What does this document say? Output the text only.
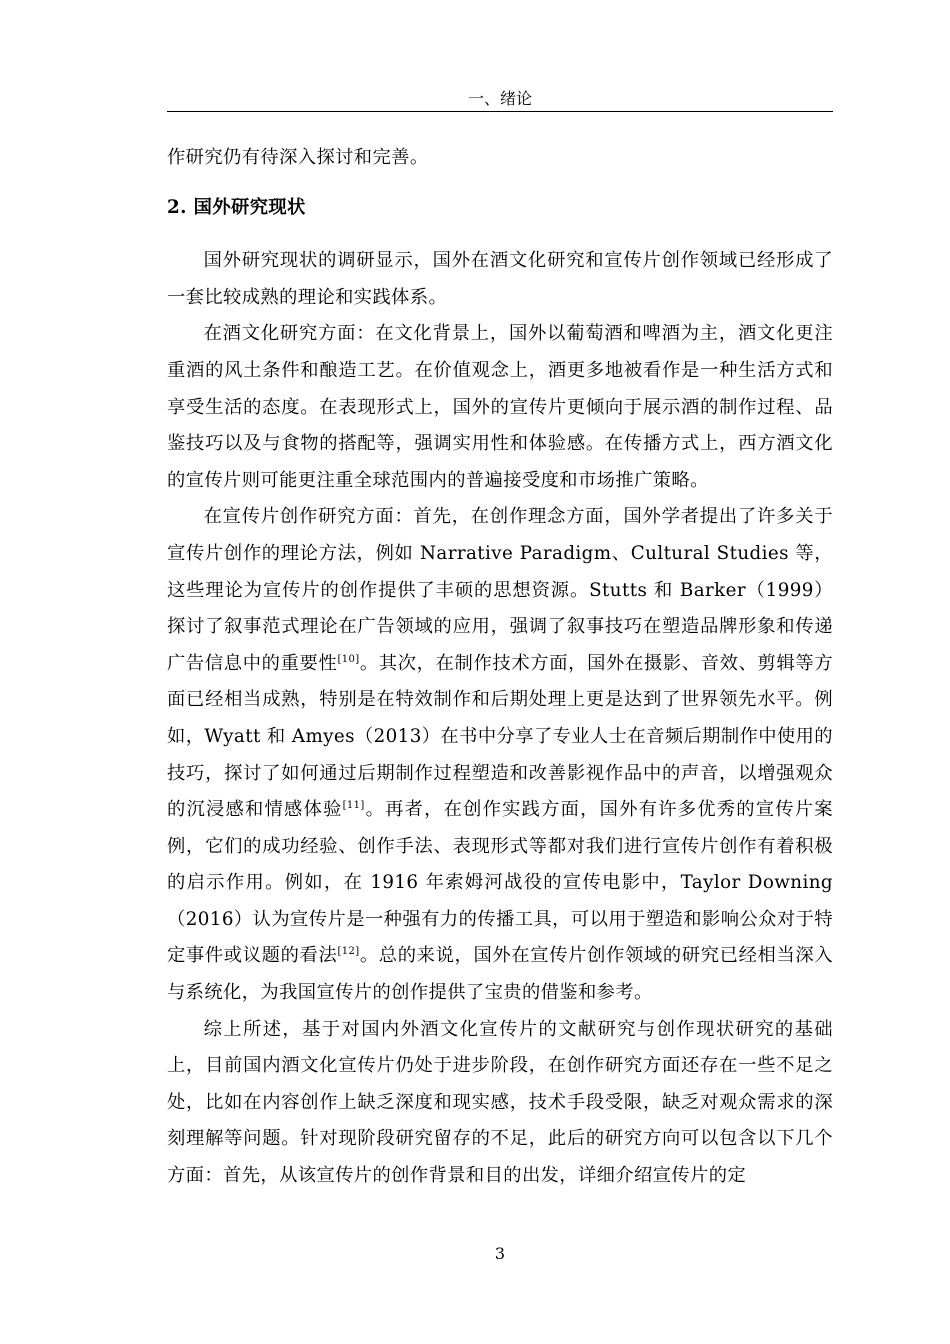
一、绪论

作研究仍有待深入探讨和完善。

2. 国外研究现状

国外研究现状的调研显示，国外在酒文化研究和宣传片创作领域已经形成了一套比较成熟的理论和实践体系。

在酒文化研究方面：在文化背景上，国外以葡萄酒和啤酒为主，酒文化更注重酒的风土条件和酿造工艺。在价值观念上，酒更多地被看作是一种生活方式和享受生活的态度。在表现形式上，国外的宣传片更倾向于展示酒的制作过程、品鉴技巧以及与食物的搭配等，强调实用性和体验感。在传播方式上，西方酒文化的宣传片则可能更注重全球范围内的普遍接受度和市场推广策略。

在宣传片创作研究方面：首先，在创作理念方面，国外学者提出了许多关于宣传片创作的理论方法，例如 Narrative Paradigm、Cultural Studies 等，这些理论为宣传片的创作提供了丰硕的思想资源。Stutts 和 Barker（1999）探讨了叙事范式理论在广告领域的应用，强调了叙事技巧在塑造品牌形象和传递广告信息中的重要性[10]。其次，在制作技术方面，国外在摄影、音效、剪辑等方面已经相当成熟，特别是在特效制作和后期处理上更是达到了世界领先水平。例如，Wyatt 和 Amyes（2013）在书中分享了专业人士在音频后期制作中使用的技巧，探讨了如何通过后期制作过程塑造和改善影视作品中的声音，以增强观众的沉浸感和情感体验[11]。再者，在创作实践方面，国外有许多优秀的宣传片案例，它们的成功经验、创作手法、表现形式等都对我们进行宣传片创作有着积极的启示作用。例如，在 1916 年索姆河战役的宣传电影中，Taylor Downing（2016）认为宣传片是一种强有力的传播工具，可以用于塑造和影响公众对于特定事件或议题的看法[12]。总的来说，国外在宣传片创作领域的研究已经相当深入与系统化，为我国宣传片的创作提供了宝贵的借鉴和参考。

综上所述，基于对国内外酒文化宣传片的文献研究与创作现状研究的基础上，目前国内酒文化宣传片仍处于进步阶段，在创作研究方面还存在一些不足之处，比如在内容创作上缺乏深度和现实感，技术手段受限，缺乏对观众需求的深刻理解等问题。针对现阶段研究留存的不足，此后的研究方向可以包含以下几个方面：首先，从该宣传片的创作背景和目的出发，详细介绍宣传片的定

3
